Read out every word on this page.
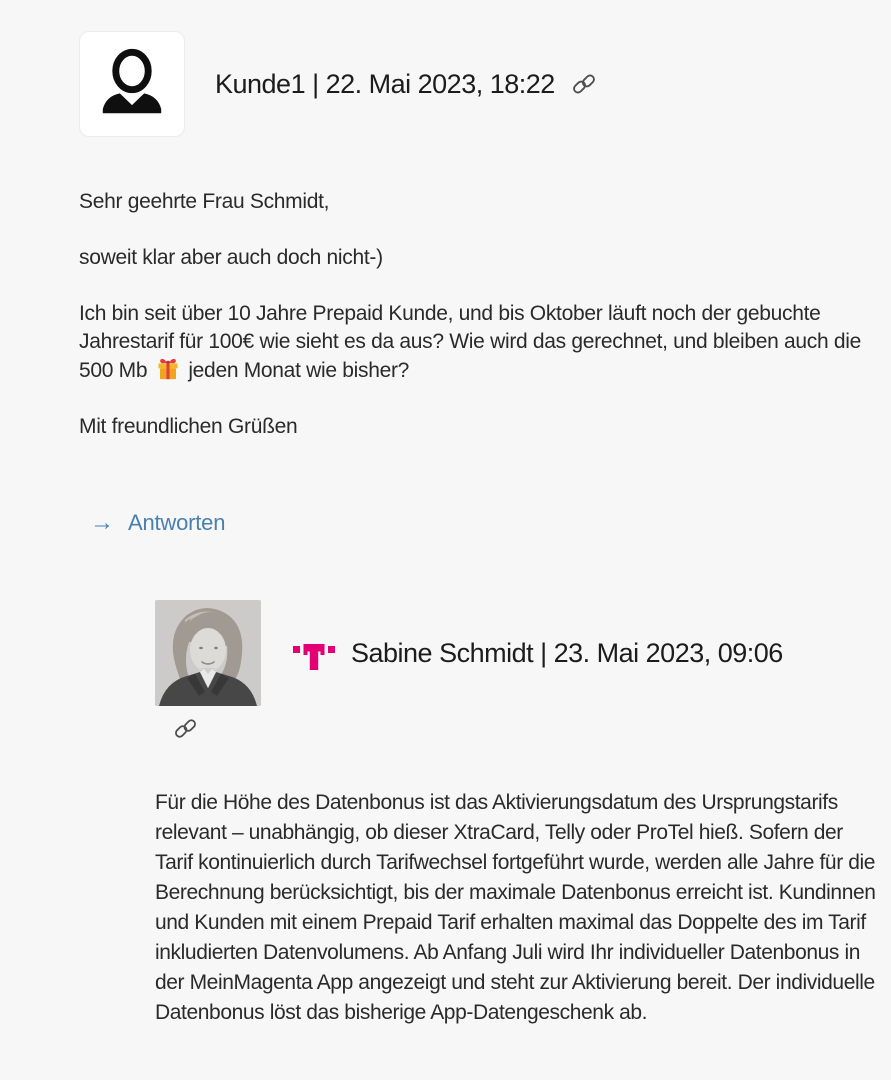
Kunde1 | 22. Mai 2023, 18:22

Sehr geehrte Frau Schmidt,

soweit klar aber auch doch nicht-)

Ich bin seit über 10 Jahre Prepaid Kunde, und bis Oktober läuft noch der gebuchte Jahrestarif für 100€ wie sieht es da aus? Wie wird das gerechnet, und bleiben auch die 500 Mb  jeden Monat wie bisher?

Mit freundlichen Grüßen

→ Antworten
Sabine Schmidt | 23. Mai 2023, 09:06

Für die Höhe des Datenbonus ist das Aktivierungsdatum des Ursprungstarifs relevant – unabhängig, ob dieser XtraCard, Telly oder ProTel hieß. Sofern der Tarif kontinuierlich durch Tarifwechsel fortgeführt wurde, werden alle Jahre für die Berechnung berücksichtigt, bis der maximale Datenbonus erreicht ist. Kundinnen und Kunden mit einem Prepaid Tarif erhalten maximal das Doppelte des im Tarif inkludierten Datenvolumens. Ab Anfang Juli wird Ihr individueller Datenbonus in der MeinMagenta App angezeigt und steht zur Aktivierung bereit. Der individuelle Datenbonus löst das bisherige App-Datengeschenk ab.
